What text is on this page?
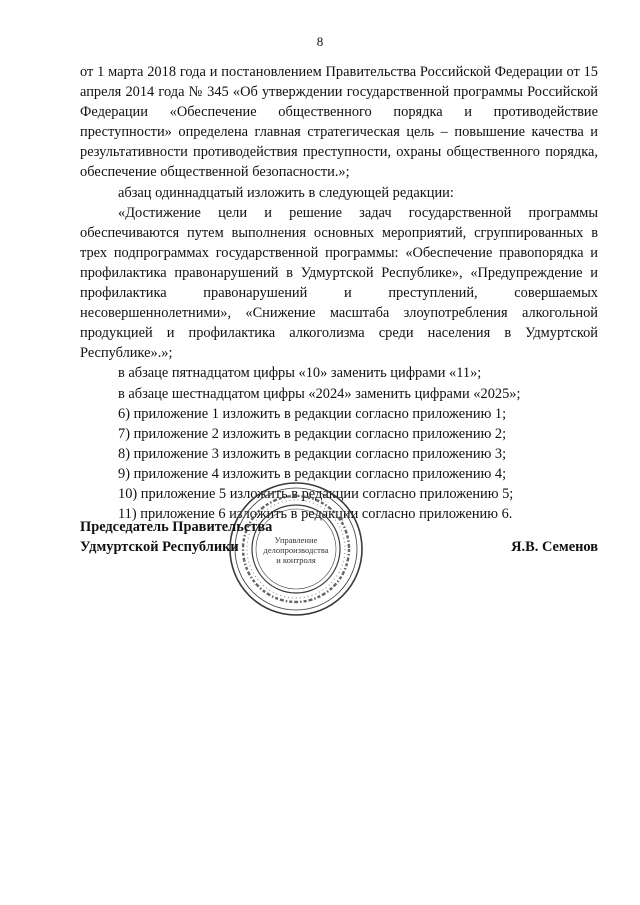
8

от 1 марта 2018 года и постановлением Правительства Российской Федерации от 15 апреля 2014 года № 345 «Об утверждении государственной программы Российской Федерации «Обеспечение общественного порядка и противодействие преступности» определена главная стратегическая цель – повышение качества и результативности противодействия преступности, охраны общественного порядка, обеспечение общественной безопасности.»;

абзац одиннадцатый изложить в следующей редакции:

«Достижение цели и решение задач государственной программы обеспечиваются путем выполнения основных мероприятий, сгруппированных в трех подпрограммах государственной программы: «Обеспечение правопорядка и профилактика правонарушений в Удмуртской Республике», «Предупреждение и профилактика правонарушений и преступлений, совершаемых несовершеннолетними», «Снижение масштаба злоупотребления алкогольной продукцией и профилактика алкоголизма среди населения в Удмуртской Республике».»;

в абзаце пятнадцатом цифры «10» заменить цифрами «11»;

в абзаце шестнадцатом цифры «2024» заменить цифрами «2025»;

6) приложение 1 изложить в редакции согласно приложению 1;

7) приложение 2 изложить в редакции согласно приложению 2;

8) приложение 3 изложить в редакции согласно приложению 3;

9) приложение 4 изложить в редакции согласно приложению 4;

10) приложение 5 изложить в редакции согласно приложению 5;

11) приложение 6 изложить в редакции согласно приложению 6.

Управление
делопроизводства
и контроля
Председатель Правительства
Удмуртской Республики	Я.В. Семенов
